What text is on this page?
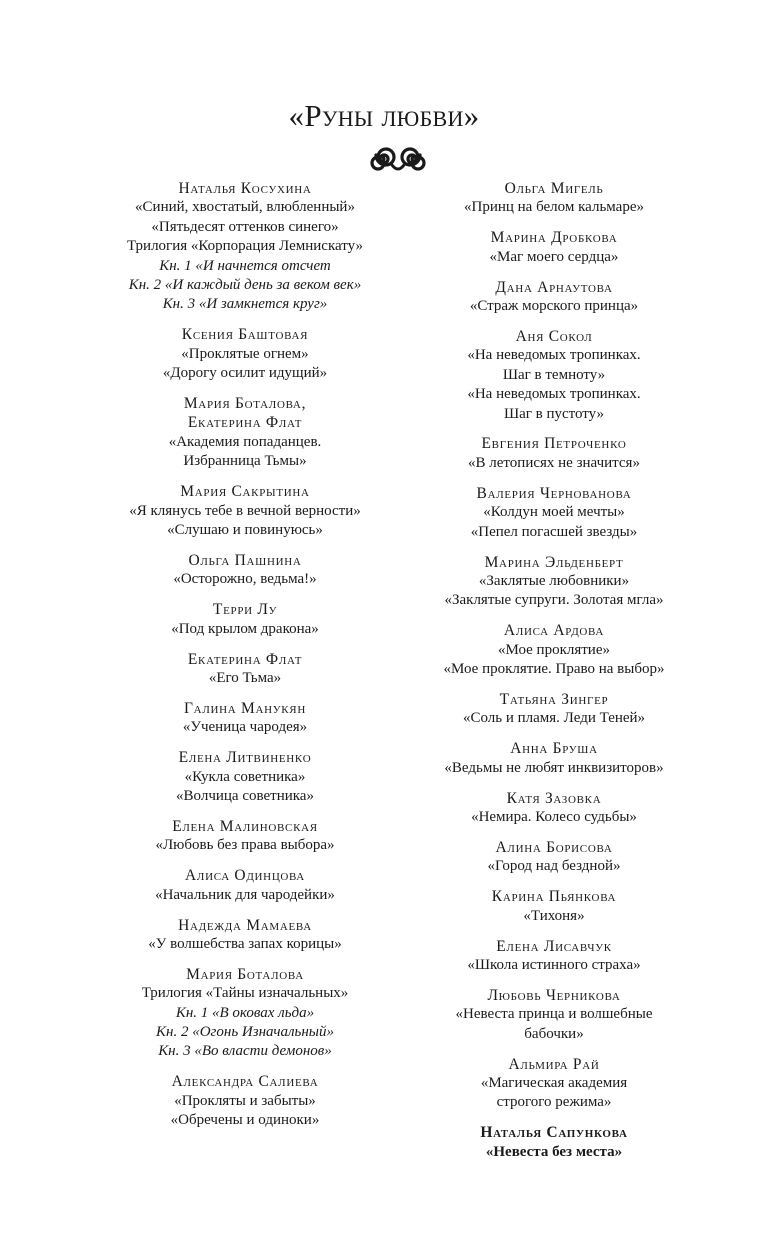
«Руны любви»
Наталья Косухина
«Синий, хвостатый, влюбленный»
«Пятьдесят оттенков синего»
Трилогия «Корпорация Лемнискату»
Кн. 1 «И начнется отсчет
Кн. 2 «И каждый день за веком век»
Кн. 3 «И замкнется круг»
Ксения Баштовая
«Проклятые огнем»
«Дорогу осилит идущий»
Мария Боталова,
Екатерина Флат
«Академия попаданцев.
Избранница Тьмы»
Мария Сакрытина
«Я клянусь тебе в вечной верности»
«Слушаю и повинуюсь»
Ольга Пашнина
«Осторожно, ведьма!»
Терри Лу
«Под крылом дракона»
Екатерина Флат
«Его Тьма»
Галина Манукян
«Ученица чародея»
Елена Литвиненко
«Кукла советника»
«Волчица советника»
Елена Малиновская
«Любовь без права выбора»
Алиса Одинцова
«Начальник для чародейки»
Надежда Мамаева
«У волшебства запах корицы»
Мария Боталова
Трилогия «Тайны изначальных»
Кн. 1 «В оковах льда»
Кн. 2 «Огонь Изначальный»
Кн. 3 «Во власти демонов»
Александра Салиева
«Прокляты и забыты»
«Обречены и одиноки»
Ольга Мигель
«Принц на белом кальмаре»
Марина Дробкова
«Маг моего сердца»
Дана Арнаутова
«Страж морского принца»
Аня Сокол
«На неведомых тропинках.
Шаг в темноту»
«На неведомых тропинках.
Шаг в пустоту»
Евгения Петроченко
«В летописях не значится»
Валерия Чернованова
«Колдун моей мечты»
«Пепел погасшей звезды»
Марина Эльденберт
«Заклятые любовники»
«Заклятые супруги. Золотая мгла»
Алиса Ардова
«Мое проклятие»
«Мое проклятие. Право на выбор»
Татьяна Зингер
«Соль и пламя. Леди Теней»
Анна Бруша
«Ведьмы не любят инквизиторов»
Катя Зазовка
«Немира. Колесо судьбы»
Алина Борисова
«Город над бездной»
Карина Пьянкова
«Тихоня»
Елена Лисавчук
«Школа истинного страха»
Любовь Черникова
«Невеста принца и волшебные
бабочки»
Альмира Рай
«Магическая академия
строгого режима»
Наталья Сапункова
«Невеста без места»
